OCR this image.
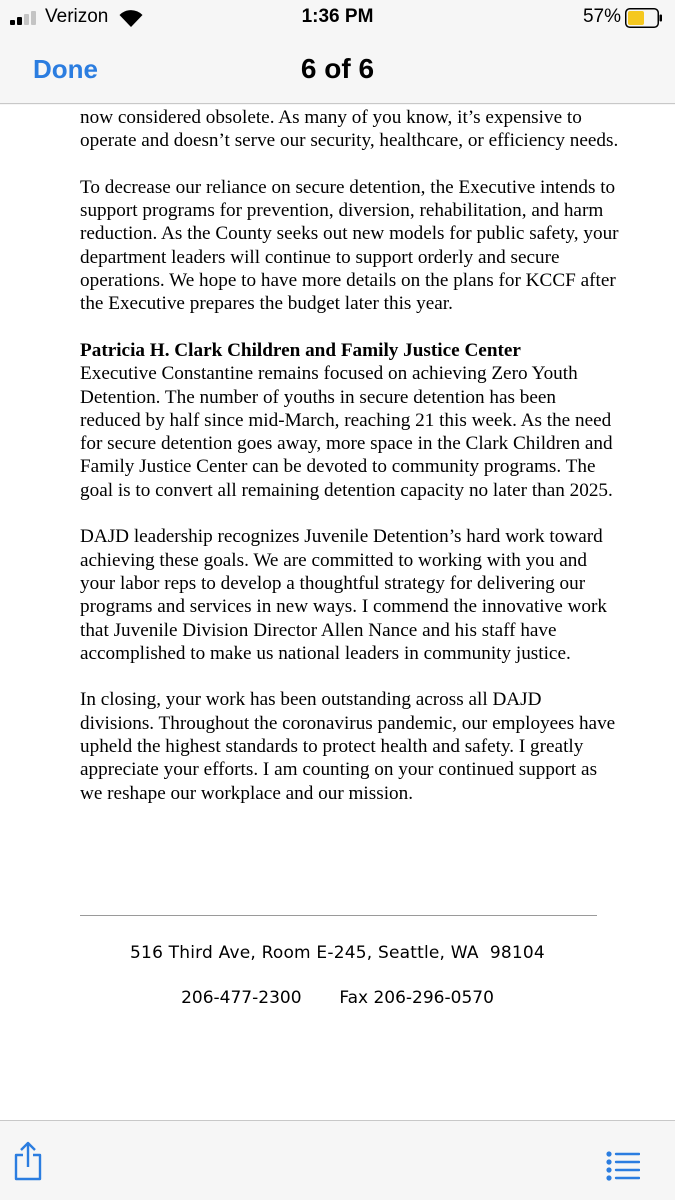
Verizon	1:36 PM	57%
Done	6 of 6

now considered obsolete. As many of you know, it’s expensive to operate and doesn’t serve our security, healthcare, or efficiency needs.

To decrease our reliance on secure detention, the Executive intends to support programs for prevention, diversion, rehabilitation, and harm reduction. As the County seeks out new models for public safety, your department leaders will continue to support orderly and secure operations. We hope to have more details on the plans for KCCF after the Executive prepares the budget later this year.

Patricia H. Clark Children and Family Justice Center
Executive Constantine remains focused on achieving Zero Youth Detention. The number of youths in secure detention has been reduced by half since mid-March, reaching 21 this week. As the need for secure detention goes away, more space in the Clark Children and Family Justice Center can be devoted to community programs. The goal is to convert all remaining detention capacity no later than 2025.

DAJD leadership recognizes Juvenile Detention’s hard work toward achieving these goals. We are committed to working with you and your labor reps to develop a thoughtful strategy for delivering our programs and services in new ways. I commend the innovative work that Juvenile Division Director Allen Nance and his staff have accomplished to make us national leaders in community justice.

In closing, your work has been outstanding across all DAJD divisions. Throughout the coronavirus pandemic, our employees have upheld the highest standards to protect health and safety. I greatly appreciate your efforts. I am counting on your continued support as we reshape our workplace and our mission.

516 Third Ave, Room E-245, Seattle, WA  98104
206-477-2300 Fax 206-296-0570
